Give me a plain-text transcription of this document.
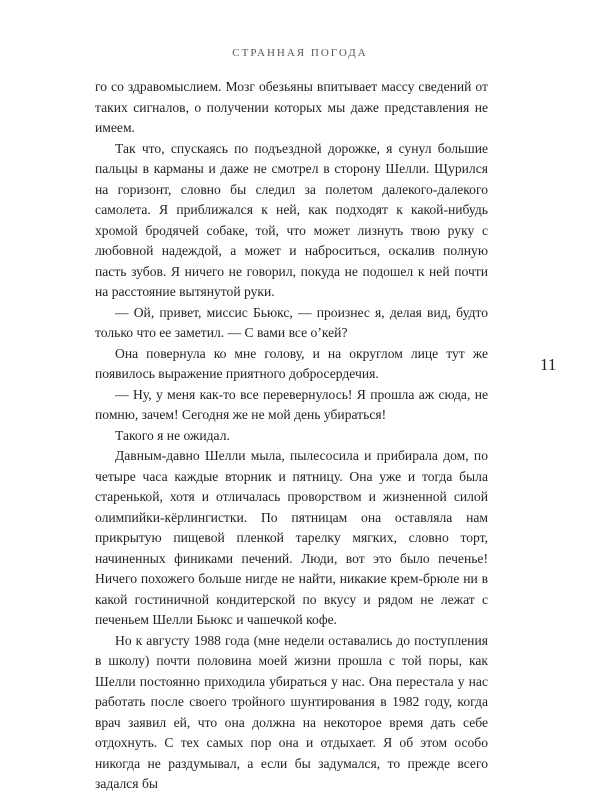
СТРАННАЯ ПОГОДА
11

го со здравомыслием. Мозг обезьяны впитывает массу сведений от таких сигналов, о получении которых мы даже представления не имеем.

Так что, спускаясь по подъездной дорожке, я сунул большие пальцы в карманы и даже не смотрел в сторону Шелли. Щурился на горизонт, словно бы следил за полетом далекого-далекого самолета. Я приближался к ней, как подходят к какой-нибудь хромой бродячей собаке, той, что может лизнуть твою руку с любовной надеждой, а может и наброситься, оскалив полную пасть зубов. Я ничего не говорил, покуда не подошел к ней почти на расстояние вытянутой руки.

— Ой, привет, миссис Бьюкс, — произнес я, делая вид, будто только что ее заметил. — С вами все о’кей?

Она повернула ко мне голову, и на округлом лице тут же появилось выражение приятного добросердечия.

— Ну, у меня как-то все перевернулось! Я прошла аж сюда, не помню, зачем! Сегодня же не мой день убираться!

Такого я не ожидал.

Давным-давно Шелли мыла, пылесосила и прибирала дом, по четыре часа каждые вторник и пятницу. Она уже и тогда была старенькой, хотя и отличалась проворством и жизненной силой олимпийки-кёрлингистки. По пятницам она оставляла нам прикрытую пищевой пленкой тарелку мягких, словно торт, начиненных финиками печений. Люди, вот это было печенье! Ничего похожего больше нигде не найти, никакие крем-брюле ни в какой гостиничной кондитерской по вкусу и рядом не лежат с печеньем Шелли Бьюкс и чашечкой кофе.

Но к августу 1988 года (мне недели оставались до поступления в школу) почти половина моей жизни прошла с той поры, как Шелли постоянно приходила убираться у нас. Она перестала у нас работать после своего тройного шунтирования в 1982 году, когда врач заявил ей, что она должна на некоторое время дать себе отдохнуть. С тех самых пор она и отдыхает. Я об этом особо никогда не раздумывал, а если бы задумался, то прежде всего задался бы
